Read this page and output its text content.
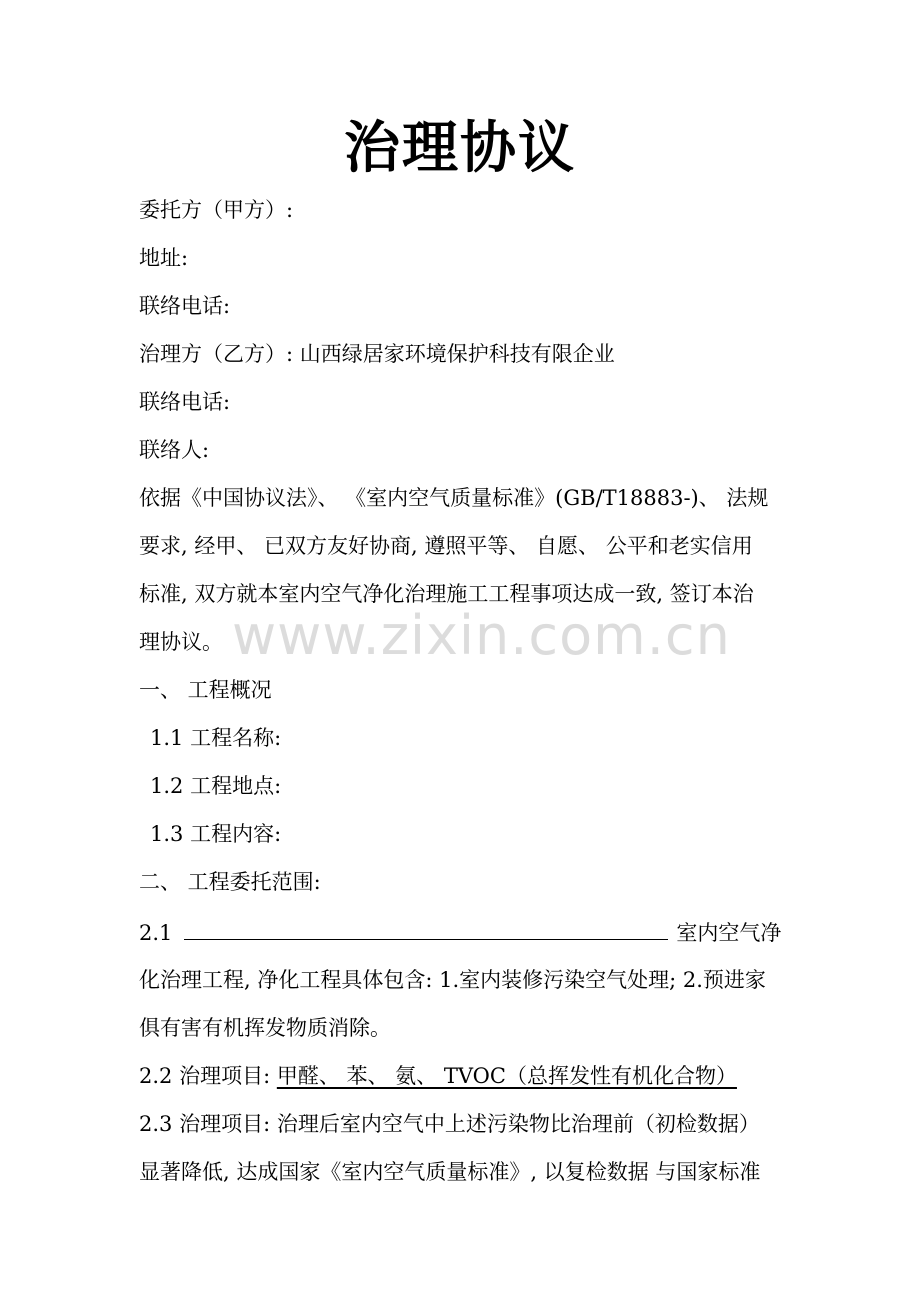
治理协议
委托方（甲方）:
地址:
联络电话:
治理方（乙方）: 山西绿居家环境保护科技有限企业
联络电话:
联络人:
依据《中国协议法》、 《室内空气质量标准》(GB/T18883-)、 法规
要求, 经甲、 已双方友好协商, 遵照平等、 自愿、 公平和老实信用
标准, 双方就本室内空气净化治理施工工程事项达成一致, 签订本治
理协议。
一、 工程概况
1.1 工程名称:
1.2 工程地点:
1.3 工程内容:
二、 工程委托范围:
2.1	室内空气净
化治理工程, 净化工程具体包含: 1.室内装修污染空气处理; 2.预进家
俱有害有机挥发物质消除。
2.2 治理项目: 甲醛、 苯、 氨、 TVOC（总挥发性有机化合物）
2.3 治理项目: 治理后室内空气中上述污染物比治理前（初检数据）
显著降低, 达成国家《室内空气质量标准》, 以复检数据 与国家标准
www.zixin.com.cn
